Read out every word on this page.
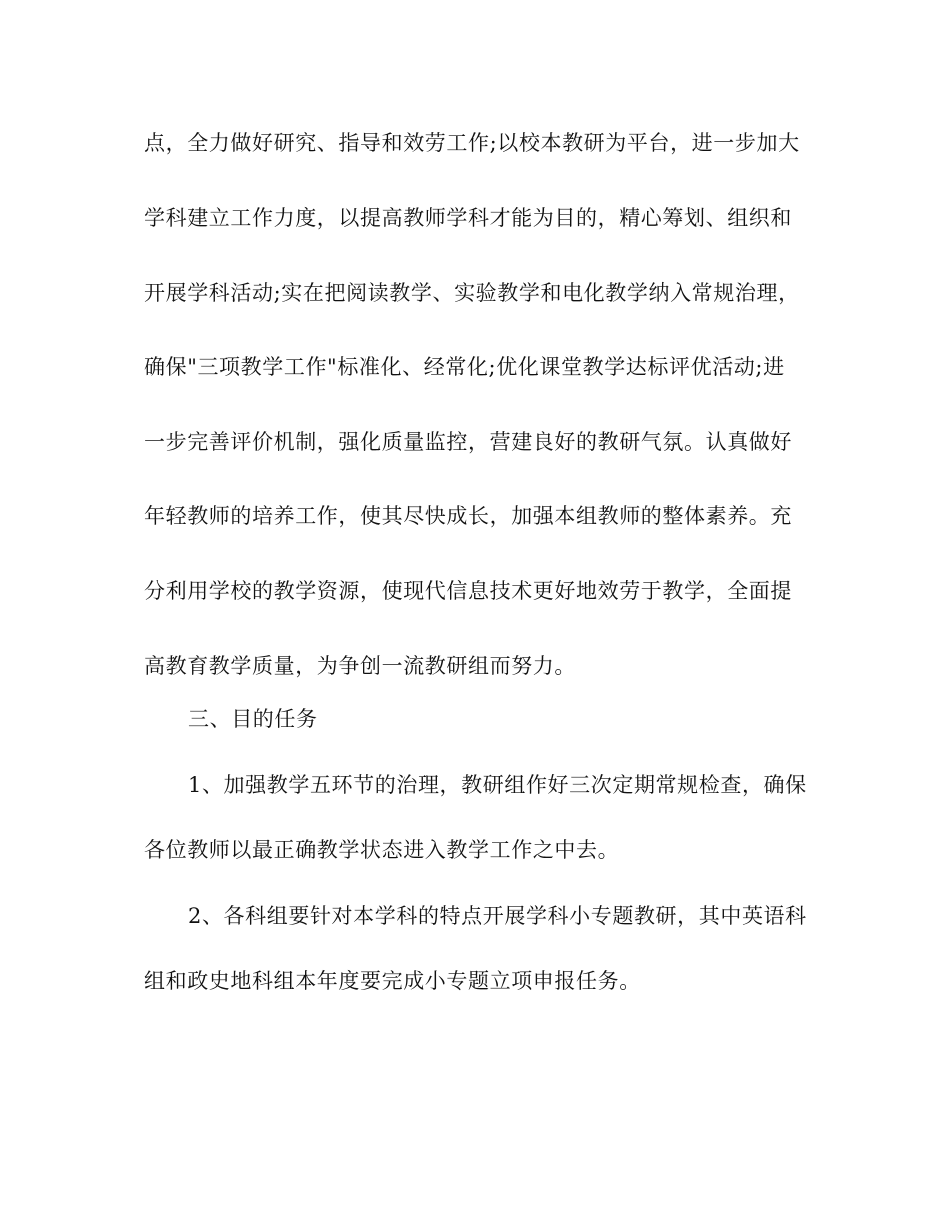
点，全力做好研究、指导和效劳工作;以校本教研为平台，进一步加大
学科建立工作力度，以提高教师学科才能为目的，精心筹划、组织和
开展学科活动;实在把阅读教学、实验教学和电化教学纳入常规治理，
确保"三项教学工作"标准化、经常化;优化课堂教学达标评优活动;进
一步完善评价机制，强化质量监控，营建良好的教研气氛。认真做好
年轻教师的培养工作，使其尽快成长，加强本组教师的整体素养。充
分利用学校的教学资源，使现代信息技术更好地效劳于教学，全面提
高教育教学质量，为争创一流教研组而努力。
三、目的任务
1、加强教学五环节的治理，教研组作好三次定期常规检查，确保
各位教师以最正确教学状态进入教学工作之中去。
2、各科组要针对本学科的特点开展学科小专题教研，其中英语科
组和政史地科组本年度要完成小专题立项申报任务。
